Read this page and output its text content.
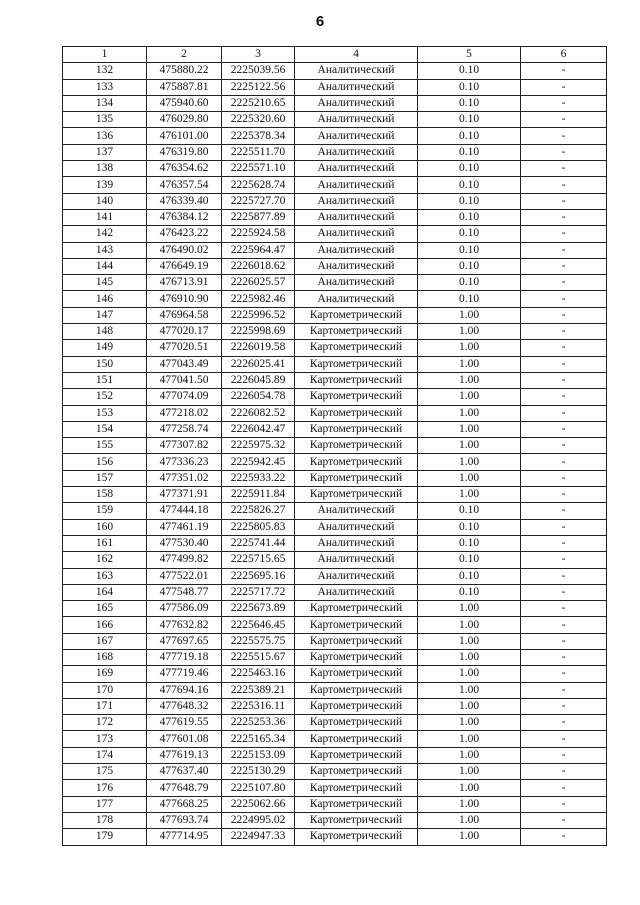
6
1	2	3	4	5	6
132	475880.22	2225039.56	Аналитический	0.10	-
133	475887.81	2225122.56	Аналитический	0.10	-
134	475940.60	2225210.65	Аналитический	0.10	-
135	476029.80	2225320.60	Аналитический	0.10	-
136	476101.00	2225378.34	Аналитический	0.10	-
137	476319.80	2225511.70	Аналитический	0.10	-
138	476354.62	2225571.10	Аналитический	0.10	-
139	476357.54	2225628.74	Аналитический	0.10	-
140	476339.40	2225727.70	Аналитический	0.10	-
141	476384.12	2225877.89	Аналитический	0.10	-
142	476423.22	2225924.58	Аналитический	0.10	-
143	476490.02	2225964.47	Аналитический	0.10	-
144	476649.19	2226018.62	Аналитический	0.10	-
145	476713.91	2226025.57	Аналитический	0.10	-
146	476910.90	2225982.46	Аналитический	0.10	-
147	476964.58	2225996.52	Картометрический	1.00	-
148	477020.17	2225998.69	Картометрический	1.00	-
149	477020.51	2226019.58	Картометрический	1.00	-
150	477043.49	2226025.41	Картометрический	1.00	-
151	477041.50	2226045.89	Картометрический	1.00	-
152	477074.09	2226054.78	Картометрический	1.00	-
153	477218.02	2226082.52	Картометрический	1.00	-
154	477258.74	2226042.47	Картометрический	1.00	-
155	477307.82	2225975.32	Картометрический	1.00	-
156	477336.23	2225942.45	Картометрический	1.00	-
157	477351.02	2225933.22	Картометрический	1.00	-
158	477371.91	2225911.84	Картометрический	1.00	-
159	477444.18	2225826.27	Аналитический	0.10	-
160	477461.19	2225805.83	Аналитический	0.10	-
161	477530.40	2225741.44	Аналитический	0.10	-
162	477499.82	2225715.65	Аналитический	0.10	-
163	477522.01	2225695.16	Аналитический	0.10	-
164	477548.77	2225717.72	Аналитический	0.10	-
165	477586.09	2225673.89	Картометрический	1.00	-
166	477632.82	2225646.45	Картометрический	1.00	-
167	477697.65	2225575.75	Картометрический	1.00	-
168	477719.18	2225515.67	Картометрический	1.00	-
169	477719.46	2225463.16	Картометрический	1.00	-
170	477694.16	2225389.21	Картометрический	1.00	-
171	477648.32	2225316.11	Картометрический	1.00	-
172	477619.55	2225253.36	Картометрический	1.00	-
173	477601.08	2225165.34	Картометрический	1.00	-
174	477619.13	2225153.09	Картометрический	1.00	-
175	477637.40	2225130.29	Картометрический	1.00	-
176	477648.79	2225107.80	Картометрический	1.00	-
177	477668.25	2225062.66	Картометрический	1.00	-
178	477693.74	2224995.02	Картометрический	1.00	-
179	477714.95	2224947.33	Картометрический	1.00	-
